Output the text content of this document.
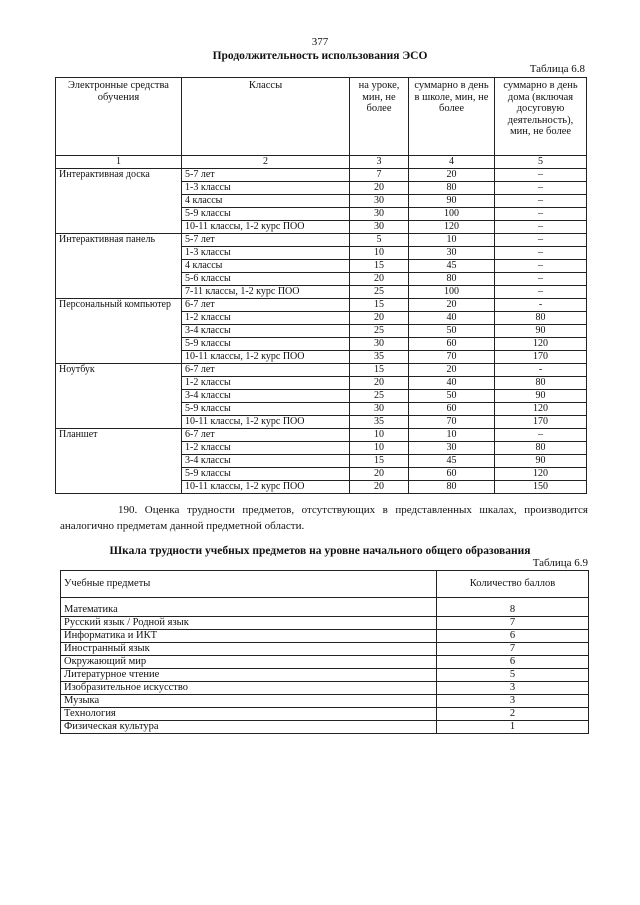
377
Продолжительность использования ЭСО
Таблица 6.8
Электронные средства обучения	Классы	на уроке, мин, не более	суммарно в день в школе, мин, не более	суммарно в день дома (включая досуговую деятельность), мин, не более
1	2	3	4	5
Интерактивная доска	5-7 лет	7	20	–
	1-3 классы	20	80	–
	4 классы	30	90	–
	5-9 классы	30	100	–
	10-11 классы, 1-2 курс ПОО	30	120	–
Интерактивная панель	5-7 лет	5	10	–
	1-3 классы	10	30	–
	4 классы	15	45	–
	5-6 классы	20	80	–
	7-11 классы, 1-2 курс ПОО	25	100	–
Персональный компьютер	6-7 лет	15	20	-
	1-2 классы	20	40	80
	3-4 классы	25	50	90
	5-9 классы	30	60	120
	10-11 классы, 1-2 курс ПОО	35	70	170
Ноутбук	6-7 лет	15	20	-
	1-2 классы	20	40	80
	3-4 классы	25	50	90
	5-9 классы	30	60	120
	10-11 классы, 1-2 курс ПОО	35	70	170
Планшет	6-7 лет	10	10	–
	1-2 классы	10	30	80
	3-4 классы	15	45	90
	5-9 классы	20	60	120
	10-11 классы, 1-2 курс ПОО	20	80	150
190. Оценка трудности предметов, отсутствующих в представленных шкалах, производится аналогично предметам данной предметной области.
Шкала трудности учебных предметов на уровне начального общего образования
Таблица 6.9
Учебные предметы	Количество баллов
Математика	8
Русский язык / Родной язык	7
Информатика и ИКТ	6
Иностранный язык	7
Окружающий мир	6
Литературное чтение	5
Изобразительное искусство	3
Музыка	3
Технология	2
Физическая культура	1
